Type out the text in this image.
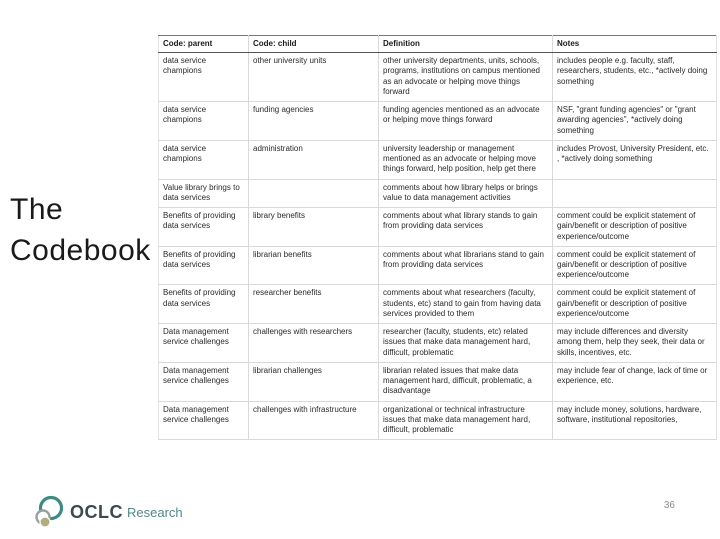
The
Codebook
Code: parent	Code: child	Definition	Notes
data service champions	other university units	other university departments, units, schools, programs, institutions on campus mentioned as an advocate or helping move things forward	includes people e.g. faculty, staff, researchers, students, etc., *actively doing something
data service champions	funding agencies	funding agencies mentioned as an advocate or helping move things forward	NSF, "grant funding agencies" or "grant awarding agencies", *actively doing something
data service champions	administration	university leadership or management mentioned as an advocate or helping move things forward, help position, help get there	includes Provost, University President, etc. , *actively doing something
Value library brings to data services		comments about how library helps or brings value to data management activities	
Benefits of providing data services	library benefits	comments about what library stands to gain from providing data services	comment could be explicit statement of gain/benefit or description of positive experience/outcome
Benefits of providing data services	librarian benefits	comments about what librarians stand to gain from providing data services	comment could be explicit statement of gain/benefit or description of positive experience/outcome
Benefits of providing data services	researcher benefits	comments about what researchers (faculty, students, etc) stand to gain from having data services provided to them	comment could be explicit statement of gain/benefit or description of positive experience/outcome
Data management service challenges	challenges with researchers	researcher (faculty, students, etc) related issues that make data management hard, difficult, problematic	may include differences and diversity among them, help they seek, their data or skills, incentives, etc.
Data management service challenges	librarian challenges	librarian related issues that make data management hard, difficult, problematic, a disadvantage	may include fear of change, lack of time or experience, etc.
Data management service challenges	challenges with infrastructure	organizational or technical infrastructure issues that make data management hard, difficult, problematic	may include money, solutions, hardware, software, institutional repositories,
OCLC Research	36
